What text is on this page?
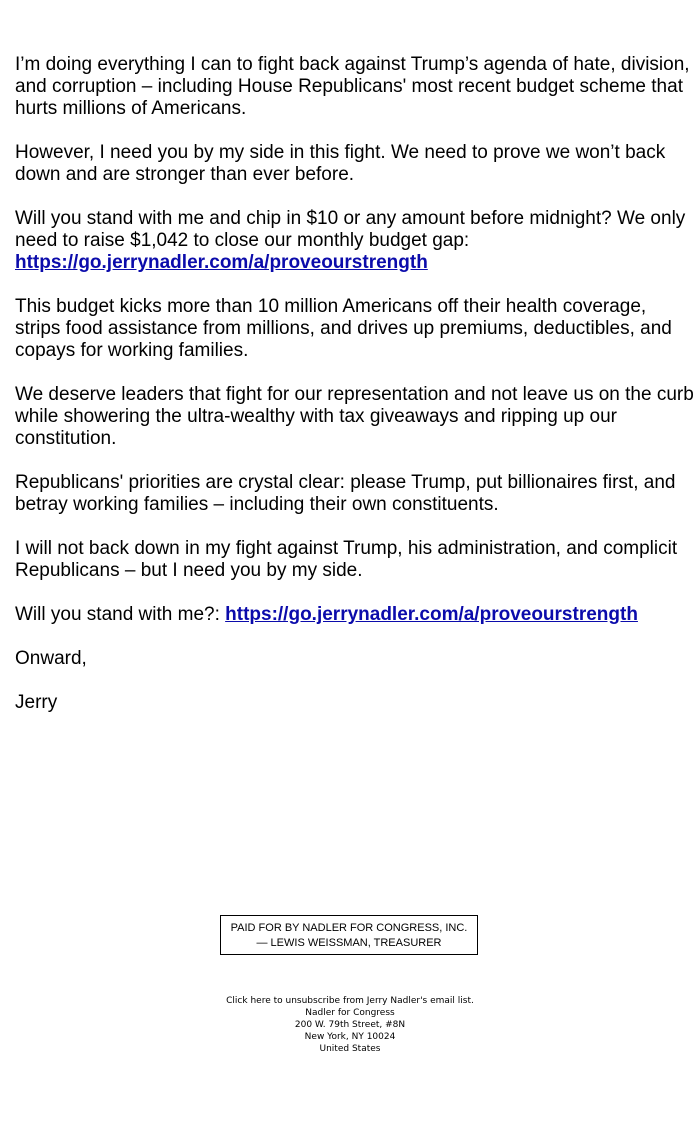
I’m doing everything I can to fight back against Trump’s agenda of hate, division, and corruption – including House Republicans' most recent budget scheme that hurts millions of Americans.

However, I need you by my side in this fight. We need to prove we won’t back down and are stronger than ever before.

Will you stand with me and chip in $10 or any amount before midnight? We only need to raise $1,042 to close our monthly budget gap: https://go.jerrynadler.com/a/proveourstrength

This budget kicks more than 10 million Americans off their health coverage, strips food assistance from millions, and drives up premiums, deductibles, and copays for working families.

We deserve leaders that fight for our representation and not leave us on the curb while showering the ultra-wealthy with tax giveaways and ripping up our constitution.

Republicans' priorities are crystal clear: please Trump, put billionaires first, and betray working families – including their own constituents.

I will not back down in my fight against Trump, his administration, and complicit Republicans – but I need you by my side.

Will you stand with me?: https://go.jerrynadler.com/a/proveourstrength

Onward,

Jerry

PAID FOR BY NADLER FOR CONGRESS, INC.
— LEWIS WEISSMAN, TREASURER
Click here to unsubscribe from Jerry Nadler's email list.
Nadler for Congress
200 W. 79th Street, #8N
New York, NY 10024
United States
